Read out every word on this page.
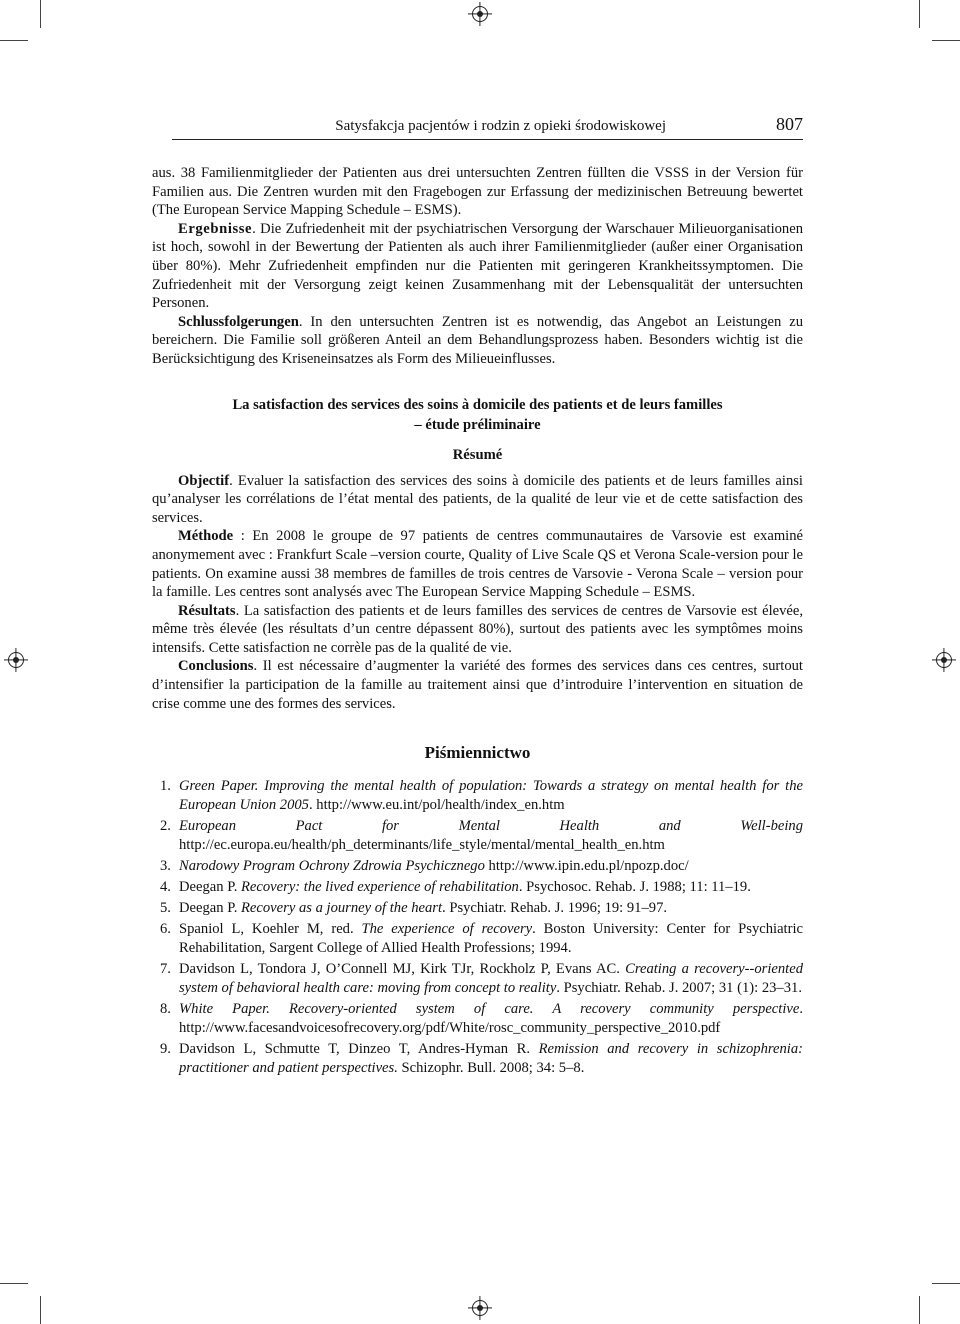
Satysfakcja pacjentów i rodzin z opieki środowiskowej	807

aus. 38 Familienmitglieder der Patienten aus drei untersuchten Zentren füllten die VSSS in der Version für Familien aus. Die Zentren wurden mit den Fragebogen zur Erfassung der medizinischen Betreuung bewertet (The European Service Mapping Schedule – ESMS).

Ergebnisse. Die Zufriedenheit mit der psychiatrischen Versorgung der Warschauer Milieuorganisationen ist hoch, sowohl in der Bewertung der Patienten als auch ihrer Familienmitglieder (außer einer Organisation über 80%). Mehr Zufriedenheit empfinden nur die Patienten mit geringeren Krankheitssymptomen. Die Zufriedenheit mit der Versorgung zeigt keinen Zusammenhang mit der Lebensqualität der untersuchten Personen.

Schlussfolgerungen. In den untersuchten Zentren ist es notwendig, das Angebot an Leistungen zu bereichern. Die Familie soll größeren Anteil an dem Behandlungsprozess haben. Besonders wichtig ist die Berücksichtigung des Kriseneinsatzes als Form des Milieueinflusses.

La satisfaction des services des soins à domicile des patients et de leurs familles
– étude préliminaire
Résumé

Objectif. Evaluer la satisfaction des services des soins à domicile des patients et de leurs familles ainsi qu’analyser les corrélations de l’état mental des patients, de la qualité de leur vie et de cette satisfaction des services.

Méthode : En 2008 le groupe de 97 patients de centres communautaires de Varsovie est examiné anonymement avec : Frankfurt Scale –version courte, Quality of Live Scale QS et Verona Scale-version pour le patients. On examine aussi 38 membres de familles de trois centres de Varsovie - Verona Scale – version pour la famille. Les centres sont analysés avec The European Service Mapping Schedule – ESMS.

Résultats. La satisfaction des patients et de leurs familles des services de centres de Varsovie est élevée, même très élevée (les résultats d’un centre dépassent 80%), surtout des patients avec les symptômes moins intensifs. Cette satisfaction ne corrèle pas de la qualité de vie.

Conclusions. Il est nécessaire d’augmenter la variété des formes des services dans ces centres, surtout d’intensifier la participation de la famille au traitement ainsi que d’introduire l’intervention en situation de crise comme une des formes des services.

Piśmiennictwo
1. Green Paper. Improving the mental health of population: Towards a strategy on mental health for the European Union 2005. http://www.eu.int/pol/health/index_en.htm
2. European Pact for Mental Health and Well-being http://ec.europa.eu/health/ph_determinants/life_style/mental/mental_health_en.htm
3. Narodowy Program Ochrony Zdrowia Psychicznego http://www.ipin.edu.pl/npozp.doc/
4. Deegan P. Recovery: the lived experience of rehabilitation. Psychosoc. Rehab. J. 1988; 11: 11–19.
5. Deegan P. Recovery as a journey of the heart. Psychiatr. Rehab. J. 1996; 19: 91–97.
6. Spaniol L, Koehler M, red. The experience of recovery. Boston University: Center for Psychiatric Rehabilitation, Sargent College of Allied Health Professions; 1994.
7. Davidson L, Tondora J, O’Connell MJ, Kirk TJr, Rockholz P, Evans AC. Creating a recovery--oriented system of behavioral health care: moving from concept to reality. Psychiatr. Rehab. J. 2007; 31 (1): 23–31.
8. White Paper. Recovery-oriented system of care. A recovery community perspective. http://www.facesandvoicesofrecovery.org/pdf/White/rosc_community_perspective_2010.pdf
9. Davidson L, Schmutte T, Dinzeo T, Andres-Hyman R. Remission and recovery in schizophrenia: practitioner and patient perspectives. Schizophr. Bull. 2008; 34: 5–8.
